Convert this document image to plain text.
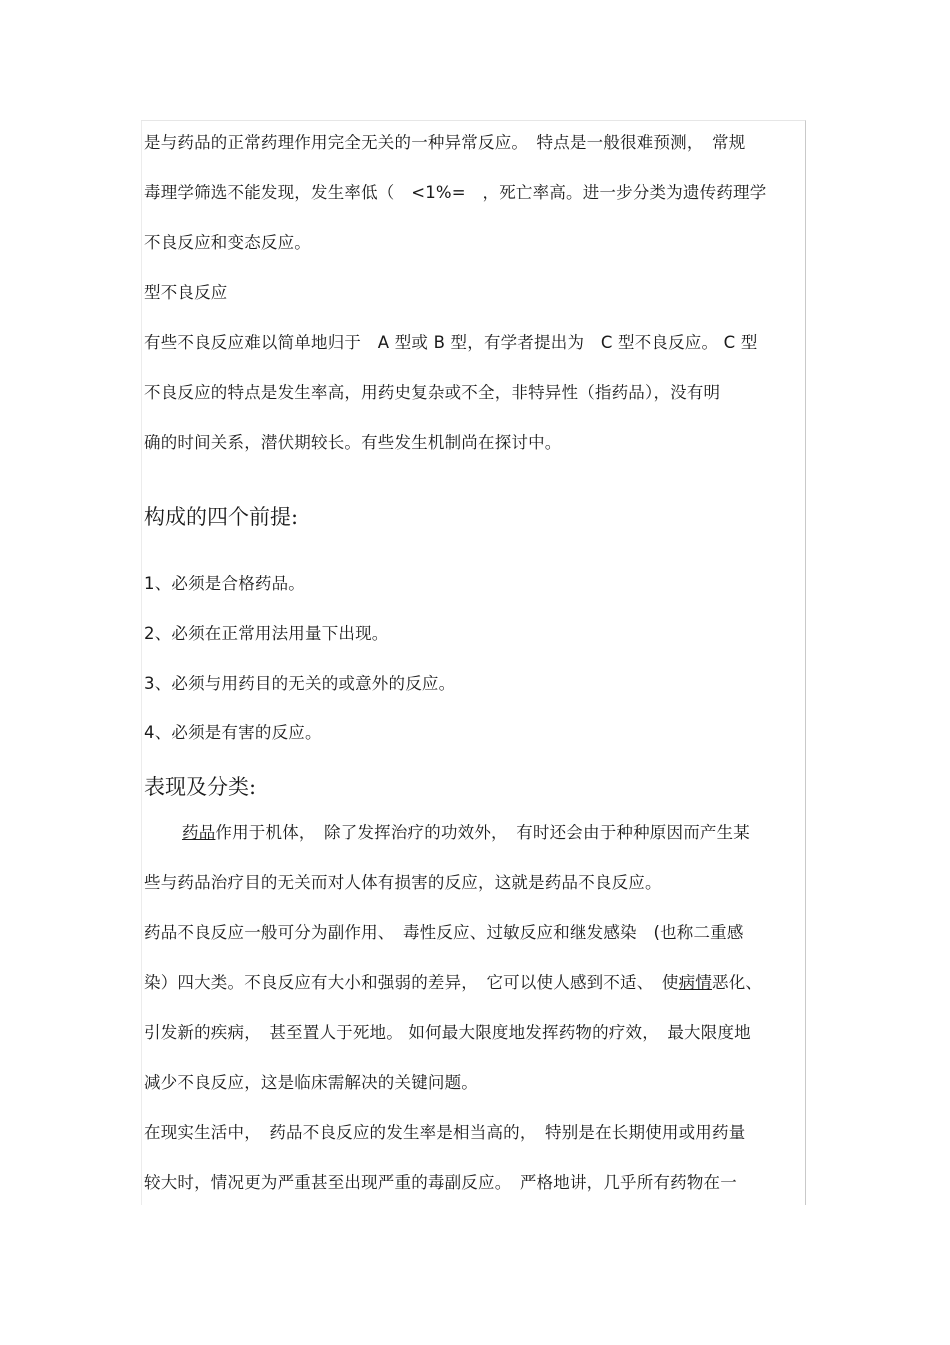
是与药品的正常药理作用完全无关的一种异常反应。　特点是一般很难预测，　常规
毒理学筛选不能发现，发生率低（　<1%=　，死亡率高。进一步分类为遗传药理学
不良反应和变态反应。
型不良反应
有些不良反应难以简单地归于　A 型或 B 型，有学者提出为　C 型不良反应。 C 型
不良反应的特点是发生率高，用药史复杂或不全，非特异性（指药品），没有明
确的时间关系，潜伏期较长。有些发生机制尚在探讨中。
构成的四个前提:
1、必须是合格药品。
2、必须在正常用法用量下出现。
3、必须与用药目的无关的或意外的反应。
4、必须是有害的反应。
表现及分类:
药品作用于机体，　除了发挥治疗的功效外，　有时还会由于种种原因而产生某
些与药品治疗目的无关而对人体有损害的反应，这就是药品不良反应。
药品不良反应一般可分为副作用、　毒性反应、过敏反应和继发感染　(也称二重感
染）四大类。不良反应有大小和强弱的差异，　它可以使人感到不适、　使病情恶化、
引发新的疾病，　甚至置人于死地。 如何最大限度地发挥药物的疗效，　最大限度地
减少不良反应，这是临床需解决的关键问题。
在现实生活中，　药品不良反应的发生率是相当高的，　特别是在长期使用或用药量
较大时，情况更为严重甚至出现严重的毒副反应。　严格地讲，几乎所有药物在一
